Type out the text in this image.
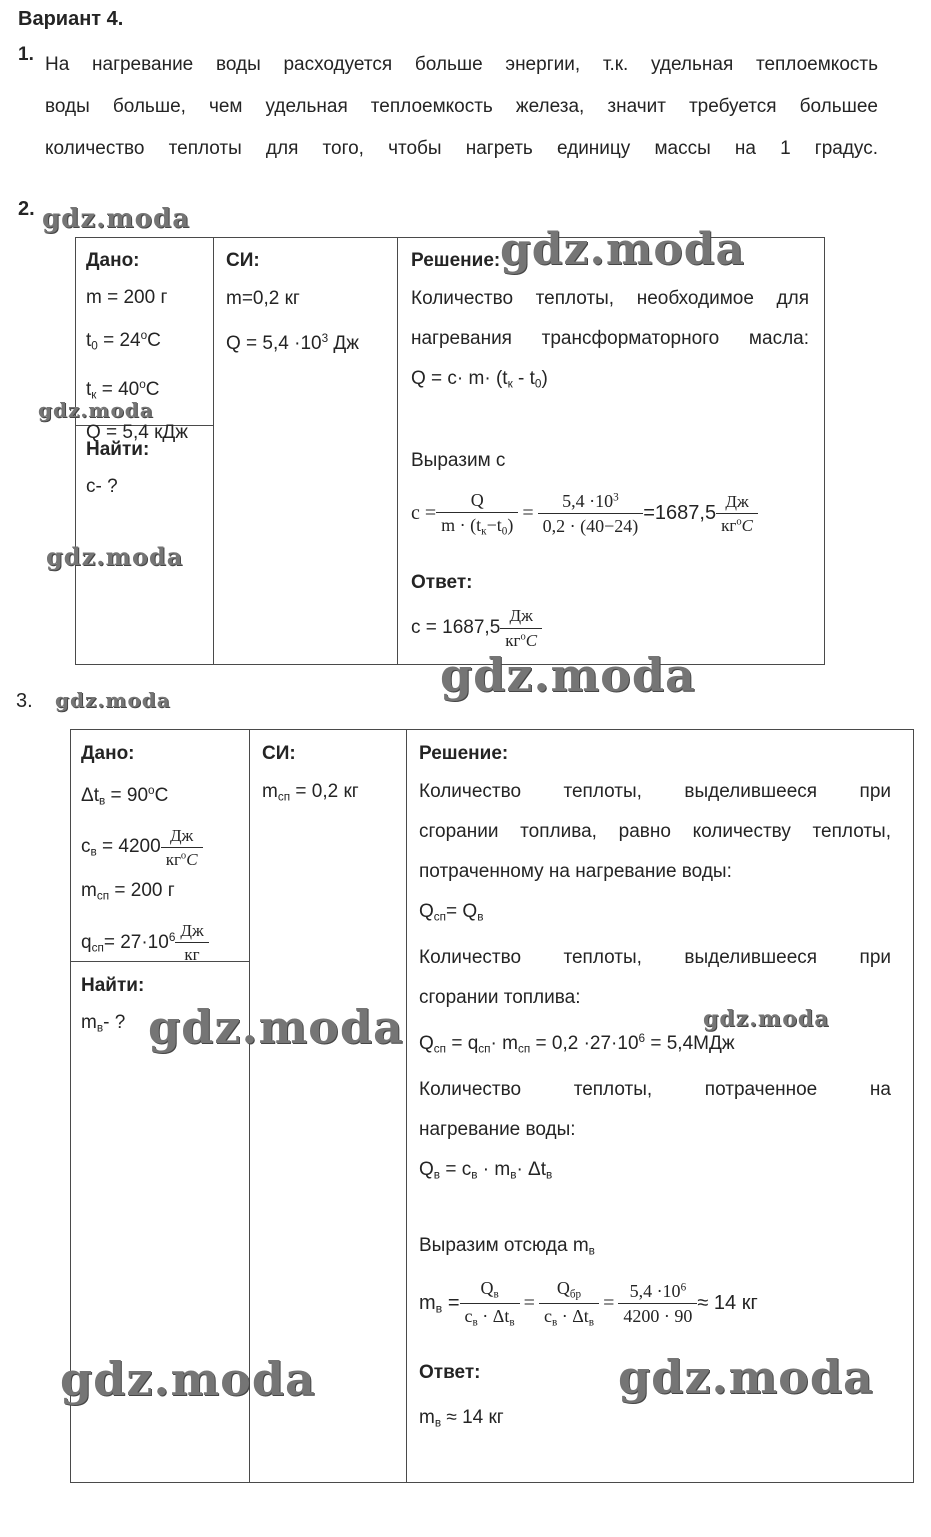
gdz.moda
gdz.moda
gdz.moda
gdz.moda
gdz.moda
gdz.moda
gdz.moda	gdz.moda
gdz.moda	gdz.moda
Вариант 4.
1. На нагревание воды расходуется больше энергии, т.к. удельная теплоемкость
воды больше, чем удельная теплоемкость железа, значит требуется большее
количество теплоты для того, чтобы нагреть единицу массы на 1 градус.
2.
Дано:
m = 200 г
$t0 = 24^oC$
tк = $40^oC$
Q = 5,4 кДж
Найти:
c- ?
СИ:
m=0,2 кг
$Q = 5,4 \cdot 10^3$ Дж
Решение:
Количество теплоты, необходимое для
нагревания трансформаторного масла:
Q = c· m· (tк - t0)
Выразим c
$c = \frac{Q}{m \cdot (tк-t0)} = \frac{5,4 \cdot 10^3}{0,2 \cdot (40-24)} =1687,5 \frac{Дж}{кг^oC}$
Ответ:
$c = 1687,5 \frac{Дж}{кг^oC}$
3.
Дано:
$\Delta tв = 90^oC$
cв = $4200 \frac{Дж}{кг^oC}$
mсп = 200 г
$qсп= 27\cdot 10^6 \frac{Дж}{кг}$
Найти:
mв- ?
СИ:
mсп = 0,2 кг
Решение:
Количество теплоты, выделившееся при
сгорании топлива, равно количеству теплоты,
потраченному на нагревание воды:
Qсп= Qв
Количество теплоты, выделившееся при
сгорании топлива:
Qсп = qсп· mсп = $0,2 \cdot 27\cdot 10^6 = 5,4МДж$
Количество теплоты, потраченное на
нагревание воды:
Qв = cв · mв· Δtв
Выразим отсюда mв
mв = $\frac{Qв}{\text{cв · Δtв}} = \frac{\text{Qбр}}{\text{cв · Δtв}} = \frac{5,4 \cdot 10^6}{4200 \cdot 90} \approx 14$ кг
Ответ:
mв ≈ 14 кг
